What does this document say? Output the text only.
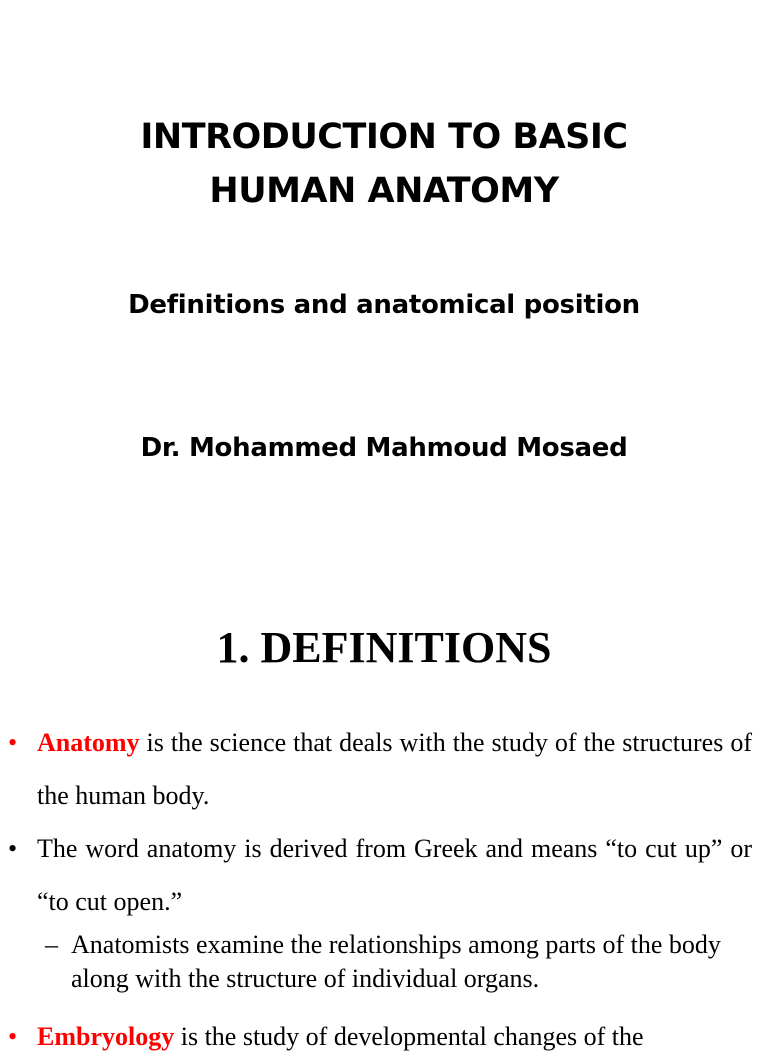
INTRODUCTION TO BASIC
HUMAN ANATOMY
Definitions and anatomical position
Dr. Mohammed Mahmoud Mosaed
1. DEFINITIONS
• Anatomy is the science that deals with the study of the structures of the human body.
• The word anatomy is derived from Greek and means “to cut up” or “to cut open.”
– Anatomists examine the relationships among parts of the body along with the structure of individual organs.
• Embryology is the study of developmental changes of the
